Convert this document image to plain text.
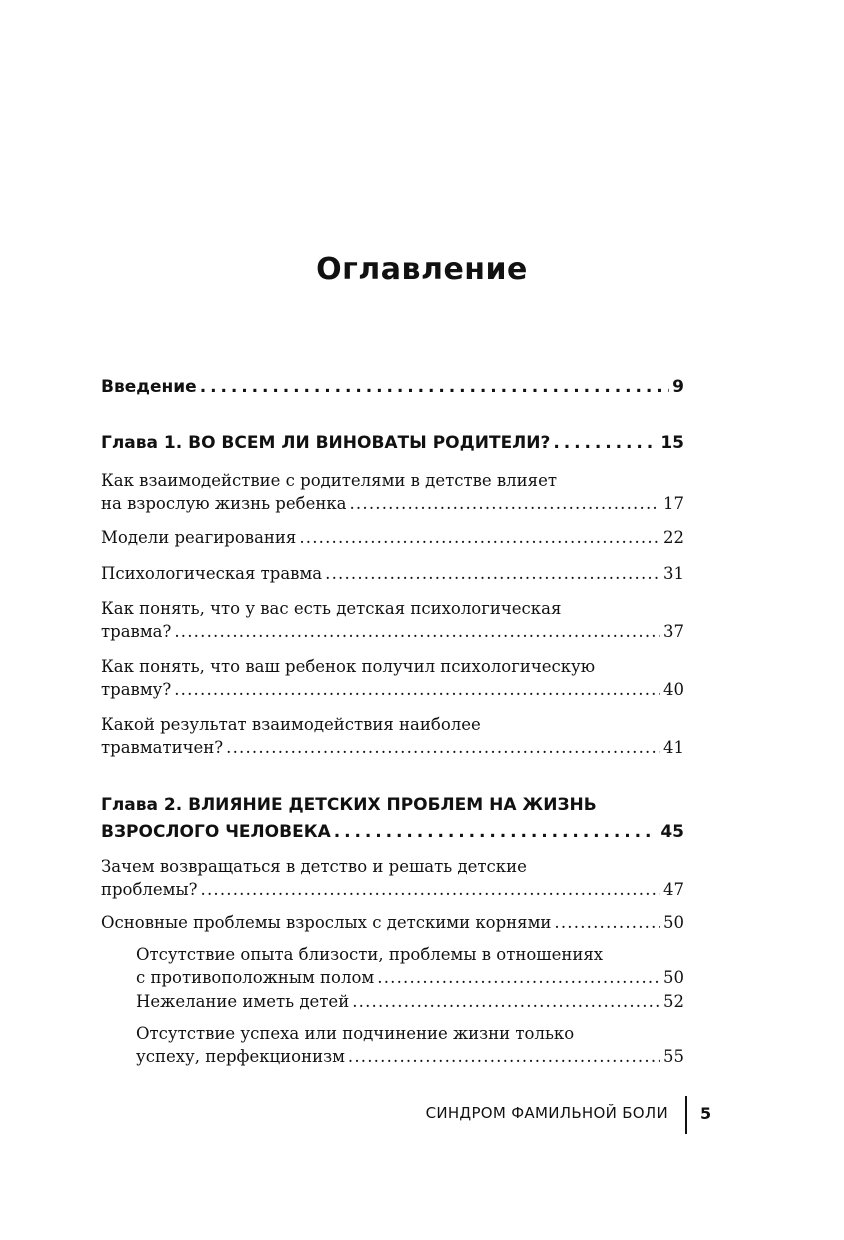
Оглавление
Введение . . .	9
Глава 1. ВО ВСЕМ ЛИ ВИНОВАТЫ РОДИТЕЛИ? . . .	15
Как взаимодействие с родителями в детстве влияет
на взрослую жизнь ребенка .....	17
Модели реагирования .....	22
Психологическая травма .....	31
Как понять, что у вас есть детская психологическая
травма? .....	37
Как понять, что ваш ребенок получил психологическую
травму? .....	40
Какой результат взаимодействия наиболее
травматичен? .....	41
Глава 2. ВЛИЯНИЕ ДЕТСКИХ ПРОБЛЕМ НА ЖИЗНЬ
ВЗРОСЛОГО ЧЕЛОВЕКА . . .	45
Зачем возвращаться в детство и решать детские
проблемы? .....	47
Основные проблемы взрослых с детскими корнями .....	50
Отсутствие опыта близости, проблемы в отношениях
с противоположным полом .....	50
Нежелание иметь детей .....	52
Отсутствие успеха или подчинение жизни только
успеху, перфекционизм .....	55
СИНДРОМ ФАМИЛЬНОЙ БОЛИ 5
